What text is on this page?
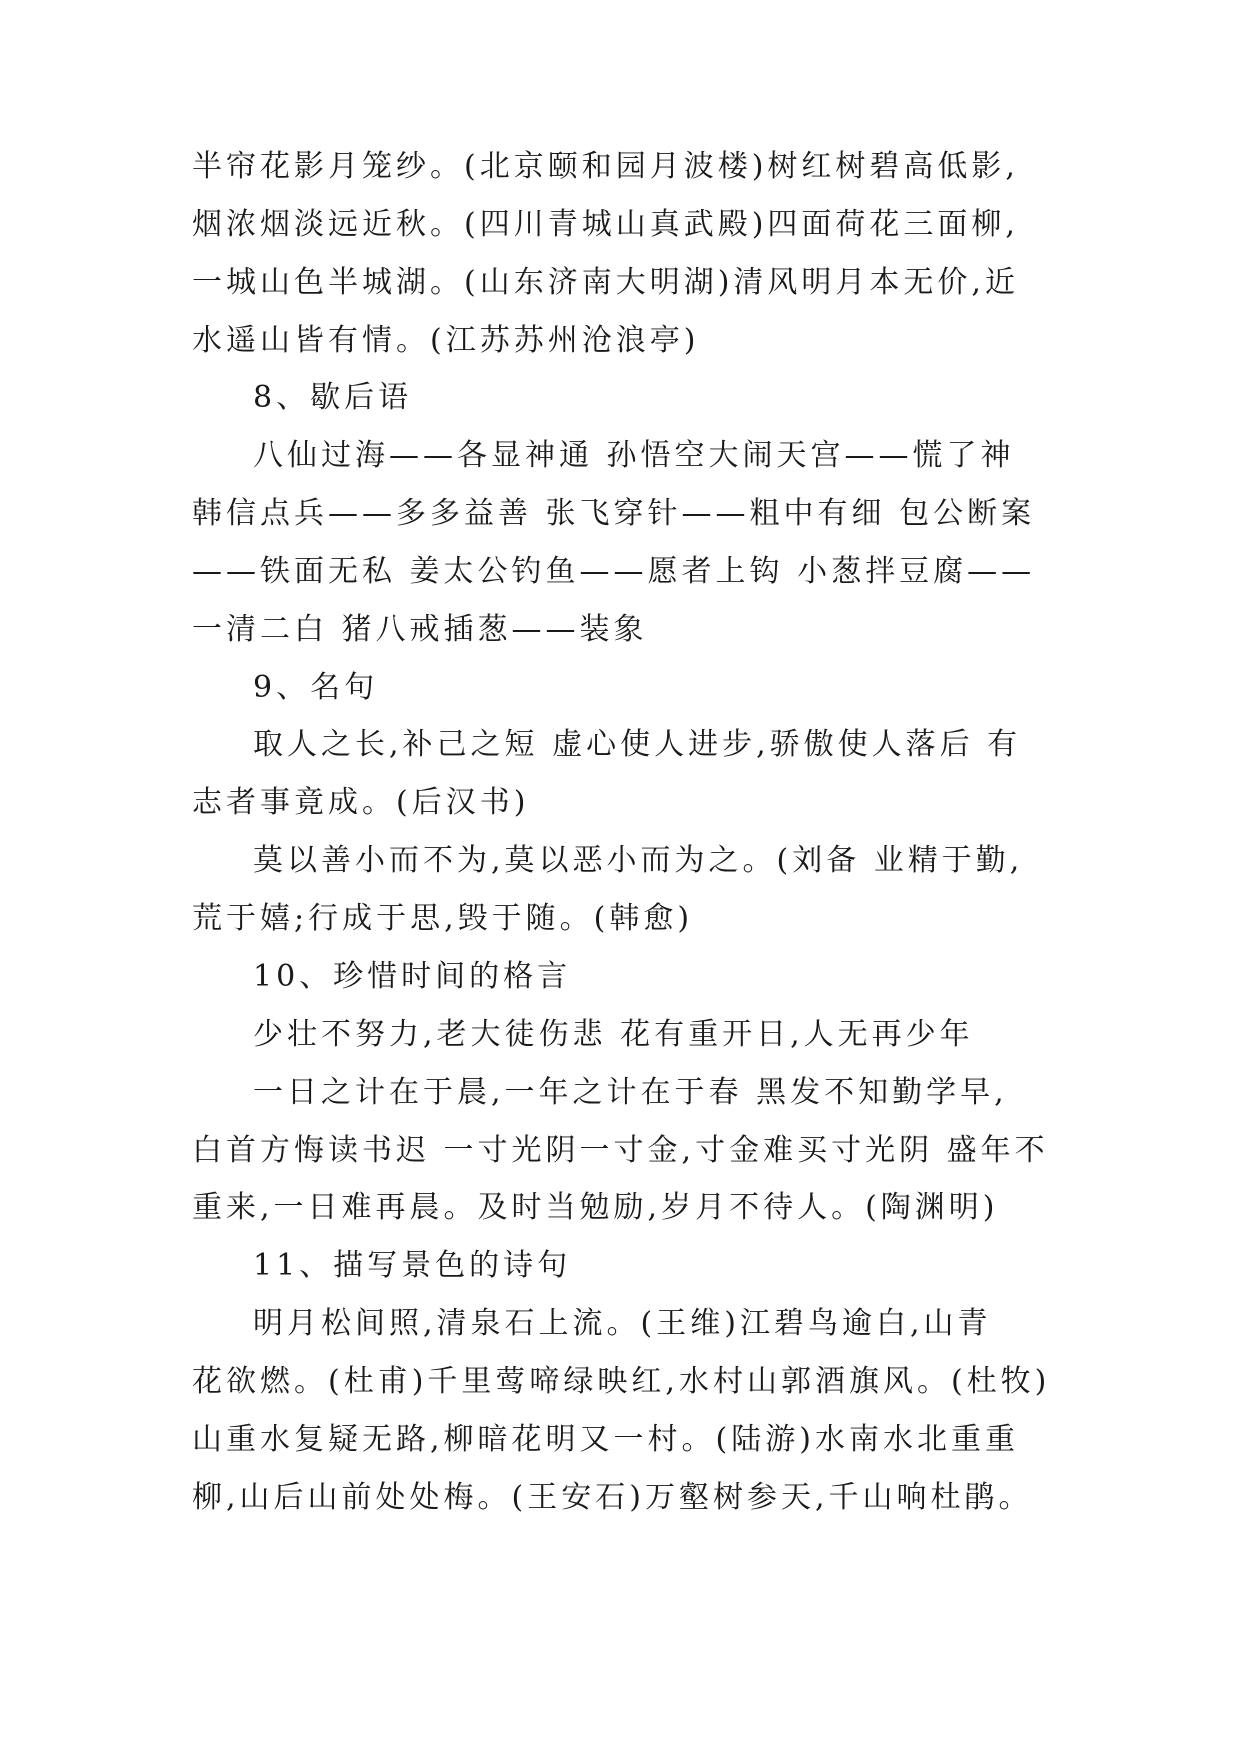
半帘花影月笼纱。(北京颐和园月波楼)树红树碧高低影,
烟浓烟淡远近秋。(四川青城山真武殿)四面荷花三面柳,
一城山色半城湖。(山东济南大明湖)清风明月本无价,近
水遥山皆有情。(江苏苏州沧浪亭)
8、歇后语
八仙过海——各显神通 孙悟空大闹天宫——慌了神
韩信点兵——多多益善 张飞穿针——粗中有细 包公断案
——铁面无私 姜太公钓鱼——愿者上钩 小葱拌豆腐——
一清二白 猪八戒插葱——装象
9、名句
取人之长,补己之短 虚心使人进步,骄傲使人落后 有
志者事竟成。(后汉书)
莫以善小而不为,莫以恶小而为之。(刘备 业精于勤,
荒于嬉;行成于思,毁于随。(韩愈)
10、珍惜时间的格言
少壮不努力,老大徒伤悲 花有重开日,人无再少年
一日之计在于晨,一年之计在于春 黑发不知勤学早,
白首方悔读书迟 一寸光阴一寸金,寸金难买寸光阴 盛年不
重来,一日难再晨。及时当勉励,岁月不待人。(陶渊明)
11、描写景色的诗句
明月松间照,清泉石上流。(王维)江碧鸟逾白,山青
花欲燃。(杜甫)千里莺啼绿映红,水村山郭酒旗风。(杜牧)
山重水复疑无路,柳暗花明又一村。(陆游)水南水北重重
柳,山后山前处处梅。(王安石)万壑树参天,千山响杜鹃。
